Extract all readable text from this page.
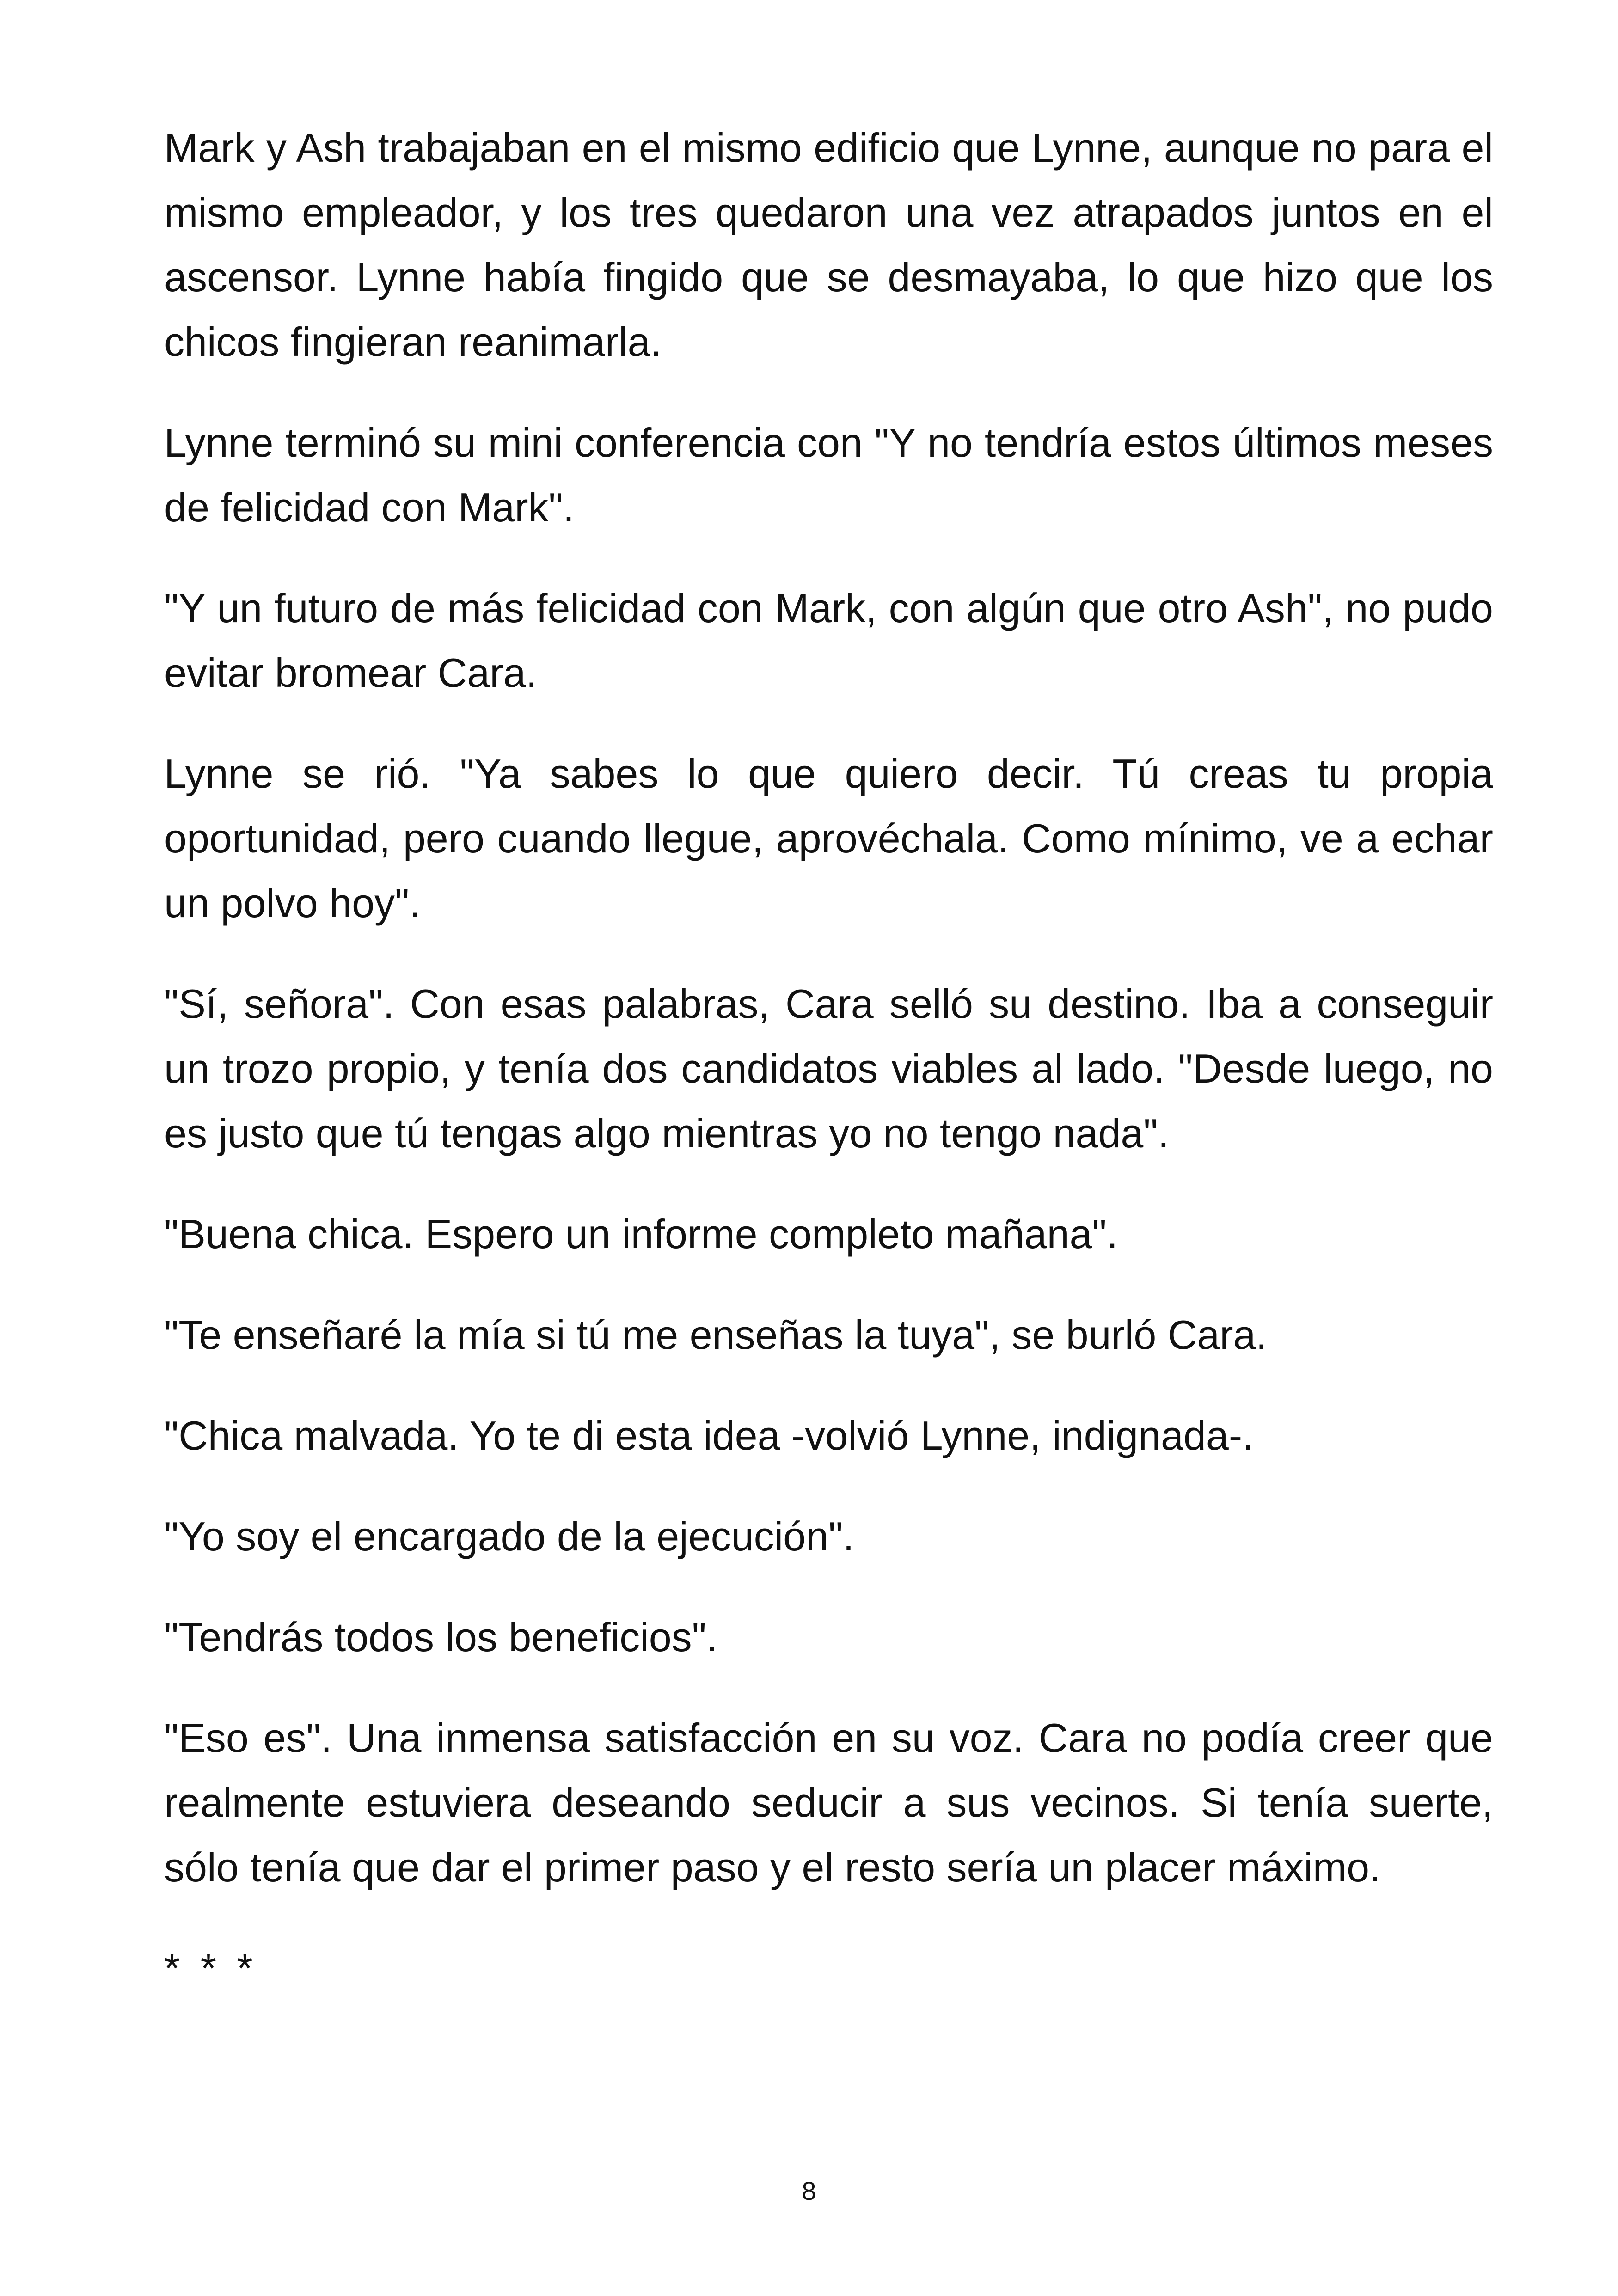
Mark y Ash trabajaban en el mismo edificio que Lynne, aunque no para el mismo empleador, y los tres quedaron una vez atrapados juntos en el ascensor. Lynne había fingido que se desmayaba, lo que hizo que los chicos fingieran reanimarla.

Lynne terminó su mini conferencia con "Y no tendría estos últimos meses de felicidad con Mark".

"Y un futuro de más felicidad con Mark, con algún que otro Ash", no pudo evitar bromear Cara.

Lynne se rió. "Ya sabes lo que quiero decir. Tú creas tu propia oportunidad, pero cuando llegue, aprovéchala. Como mínimo, ve a echar un polvo hoy".

"Sí, señora". Con esas palabras, Cara selló su destino. Iba a conseguir un trozo propio, y tenía dos candidatos viables al lado. "Desde luego, no es justo que tú tengas algo mientras yo no tengo nada".

"Buena chica. Espero un informe completo mañana".

"Te enseñaré la mía si tú me enseñas la tuya", se burló Cara.

"Chica malvada. Yo te di esta idea -volvió Lynne, indignada-.

"Yo soy el encargado de la ejecución".

"Tendrás todos los beneficios".

"Eso es". Una inmensa satisfacción en su voz. Cara no podía creer que realmente estuviera deseando seducir a sus vecinos. Si tenía suerte, sólo tenía que dar el primer paso y el resto sería un placer máximo.

* * *

8
